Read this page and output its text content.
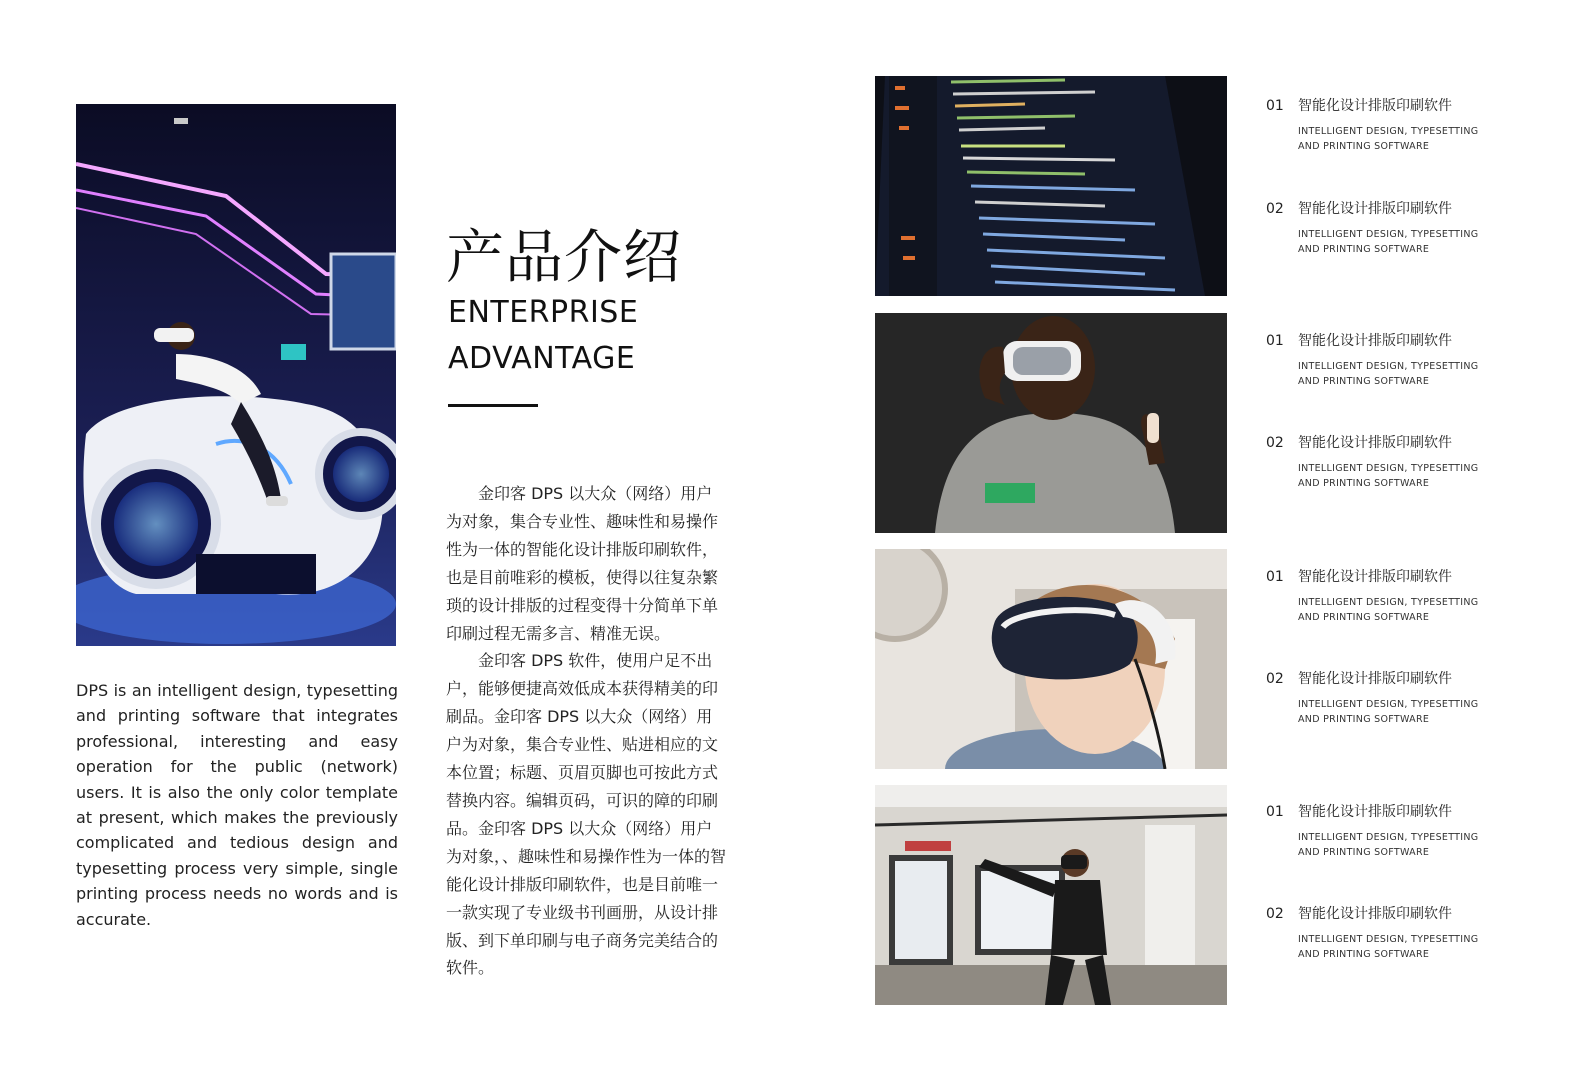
DPS is an intelligent design, typesetting and printing software that integrates professional, interesting and easy operation for the public (network) users. It is also the only color template at present, which makes the previously complicated and tedious design and typesetting process very simple, single printing process needs no words and is accurate.
产品介绍
ENTERPRISE
ADVANTAGE

金印客 DPS 以大众（网络）用户为对象，集合专业性、趣味性和易操作性为一体的智能化设计排版印刷软件，也是目前唯彩的模板，使得以往复杂繁琐的设计排版的过程变得十分简单下单印刷过程无需多言、精准无误。

金印客 DPS 软件，使用户足不出户，能够便捷高效低成本获得精美的印刷品。金印客 DPS 以大众（网络）用户为对象，集合专业性、贴进相应的文本位置；标题、页眉页脚也可按此方式替换内容。编辑页码，可识的障的印刷品。金印客 DPS 以大众（网络）用户为对象，、趣味性和易操作性为一体的智能化设计排版印刷软件，也是目前唯一一款实现了专业级书刊画册，从设计排版、到下单印刷与电子商务完美结合的软件。

01 智能化设计排版印刷软件
INTELLIGENT DESIGN, TYPESETTING
AND PRINTING SOFTWARE
02 智能化设计排版印刷软件
INTELLIGENT DESIGN, TYPESETTING
AND PRINTING SOFTWARE
01 智能化设计排版印刷软件
INTELLIGENT DESIGN, TYPESETTING
AND PRINTING SOFTWARE
02 智能化设计排版印刷软件
INTELLIGENT DESIGN, TYPESETTING
AND PRINTING SOFTWARE
01 智能化设计排版印刷软件
INTELLIGENT DESIGN, TYPESETTING
AND PRINTING SOFTWARE
02 智能化设计排版印刷软件
INTELLIGENT DESIGN, TYPESETTING
AND PRINTING SOFTWARE
01 智能化设计排版印刷软件
INTELLIGENT DESIGN, TYPESETTING
AND PRINTING SOFTWARE
02 智能化设计排版印刷软件
INTELLIGENT DESIGN, TYPESETTING
AND PRINTING SOFTWARE
